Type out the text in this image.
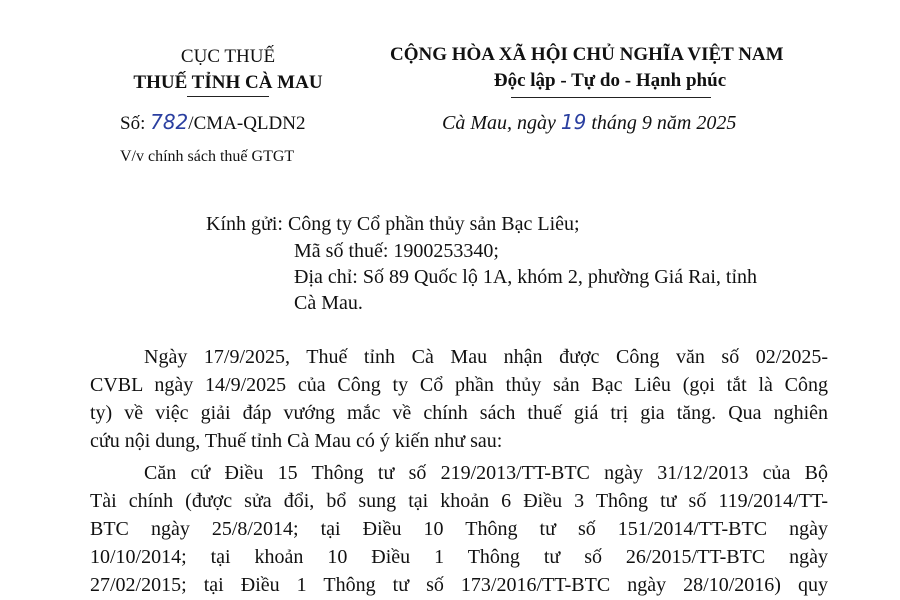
CỤC THUẾ
THUẾ TỈNH CÀ MAU
CỘNG HÒA XÃ HỘI CHỦ NGHĨA VIỆT NAM
Độc lập - Tự do - Hạnh phúc
Số: 782/CMA-QLDN2
V/v chính sách thuế GTGT
Cà Mau, ngày 19 tháng 9 năm 2025
Kính gửi: Công ty Cổ phần thủy sản Bạc Liêu;
Mã số thuế: 1900253340;
Địa chỉ: Số 89 Quốc lộ 1A, khóm 2, phường Giá Rai, tỉnh
Cà Mau.
Ngày 17/9/2025, Thuế tỉnh Cà Mau nhận được Công văn số 02/2025-
CVBL ngày 14/9/2025 của Công ty Cổ phần thủy sản Bạc Liêu (gọi tắt là Công
ty) về việc giải đáp vướng mắc về chính sách thuế giá trị gia tăng. Qua nghiên
cứu nội dung, Thuế tỉnh Cà Mau có ý kiến như sau:
Căn cứ Điều 15 Thông tư số 219/2013/TT-BTC ngày 31/12/2013 của Bộ
Tài chính (được sửa đổi, bổ sung tại khoản 6 Điều 3 Thông tư số 119/2014/TT-
BTC ngày 25/8/2014; tại Điều 10 Thông tư số 151/2014/TT-BTC ngày
10/10/2014; tại khoản 10 Điều 1 Thông tư số 26/2015/TT-BTC ngày
27/02/2015; tại Điều 1 Thông tư số 173/2016/TT-BTC ngày 28/10/2016) quy
